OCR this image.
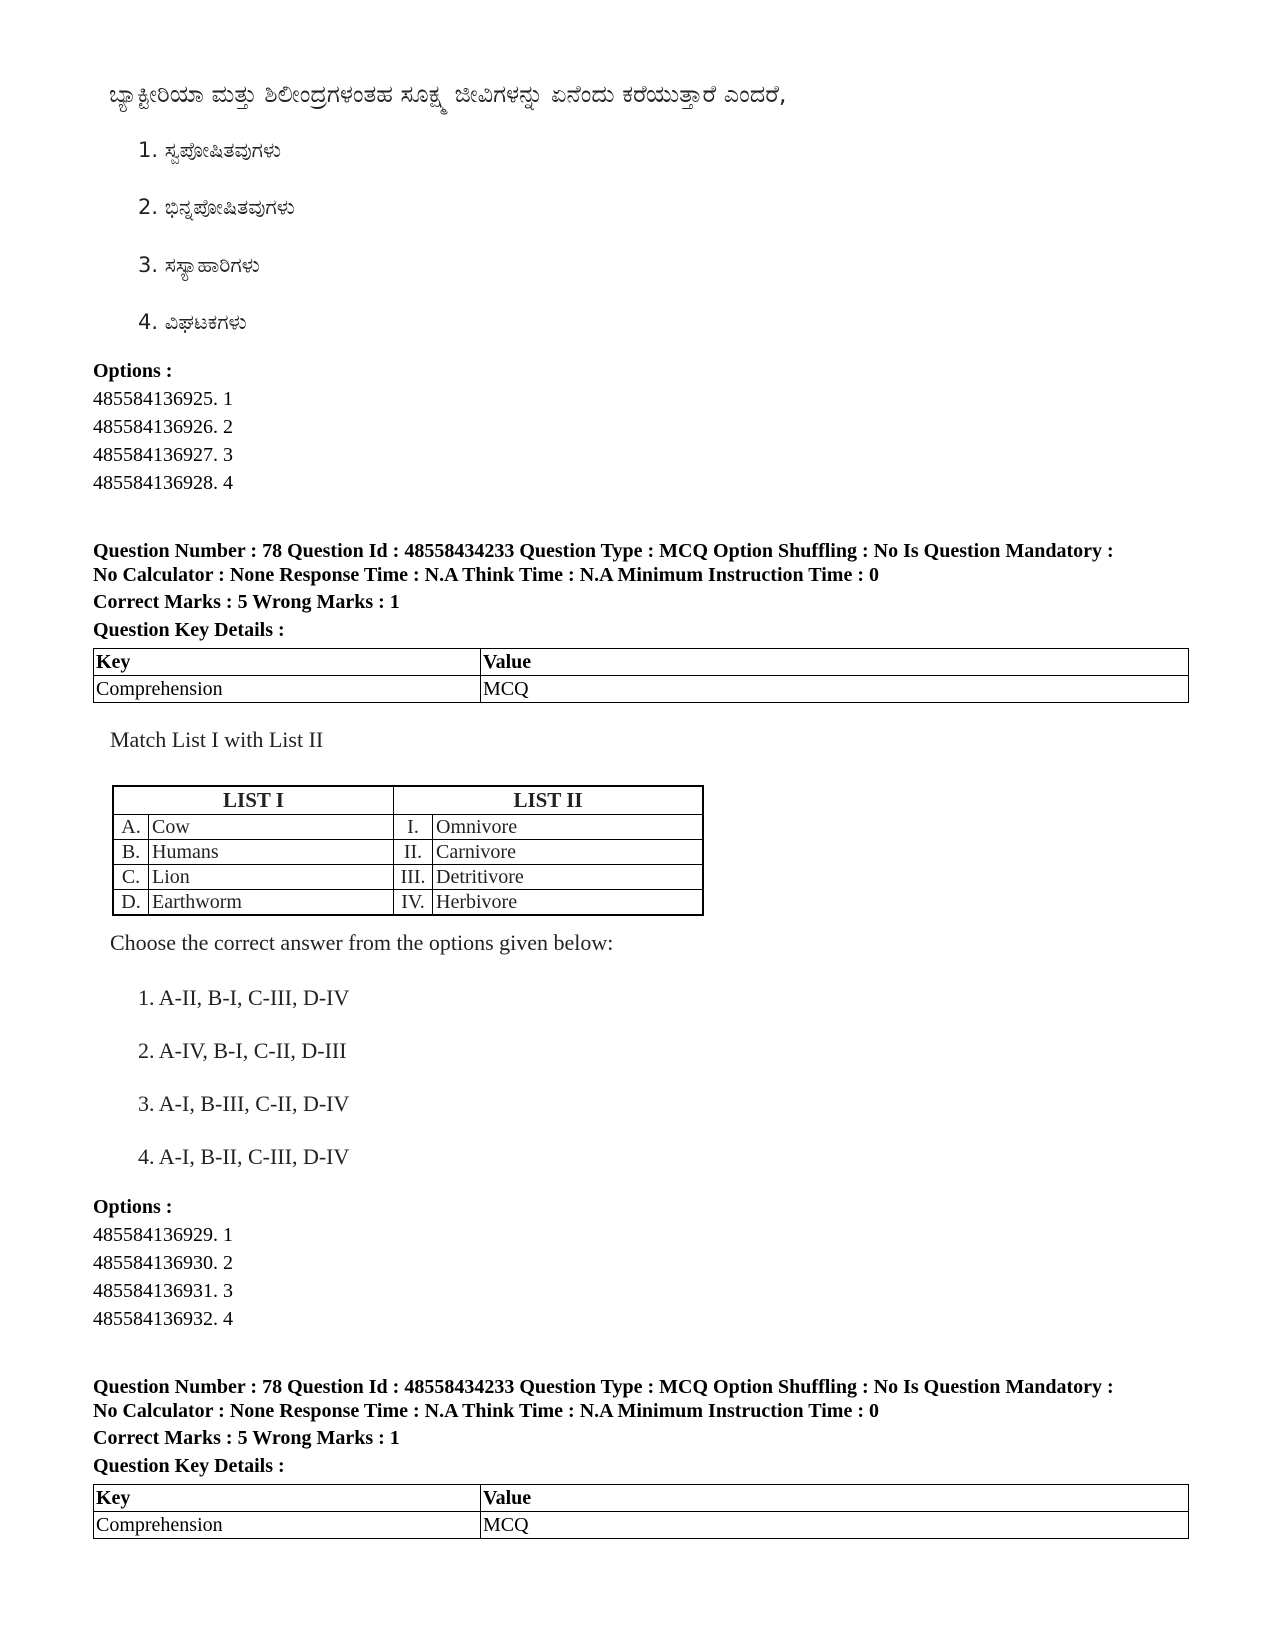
ಬ್ಯಾಕ್ಟೀರಿಯಾ ಮತ್ತು ಶಿಲೀಂದ್ರಗಳಂತಹ ಸೂಕ್ಷ್ಮ ಜೀವಿಗಳನ್ನು ಏನೆಂದು ಕರೆಯುತ್ತಾರೆ ಎಂದರೆ,
1. ಸ್ವಪೋಷಿತವುಗಳು
2. ಭಿನ್ನಪೋಷಿತವುಗಳು
3. ಸಸ್ಯಾಹಾರಿಗಳು
4. ವಿಘಟಕಗಳು
Options :
485584136925. 1
485584136926. 2
485584136927. 3
485584136928. 4
Question Number : 78 Question Id : 48558434233 Question Type : MCQ Option Shuffling : No Is Question Mandatory :
No Calculator : None Response Time : N.A Think Time : N.A Minimum Instruction Time : 0
Correct Marks : 5 Wrong Marks : 1
Question Key Details :
Key	Value
Comprehension	MCQ
Match List I with List II
LIST I		LIST II	
A.	Cow	I.	Omnivore
B.	Humans	II.	Carnivore
C.	Lion	III.	Detritivore
D.	Earthworm	IV.	Herbivore
Choose the correct answer from the options given below:
1. A-II, B-I, C-III, D-IV
2. A-IV, B-I, C-II, D-III
3. A-I, B-III, C-II, D-IV
4. A-I, B-II, C-III, D-IV
Options :
485584136929. 1
485584136930. 2
485584136931. 3
485584136932. 4
Question Number : 78 Question Id : 48558434233 Question Type : MCQ Option Shuffling : No Is Question Mandatory :
No Calculator : None Response Time : N.A Think Time : N.A Minimum Instruction Time : 0
Correct Marks : 5 Wrong Marks : 1
Question Key Details :
Key	Value
Comprehension	MCQ
